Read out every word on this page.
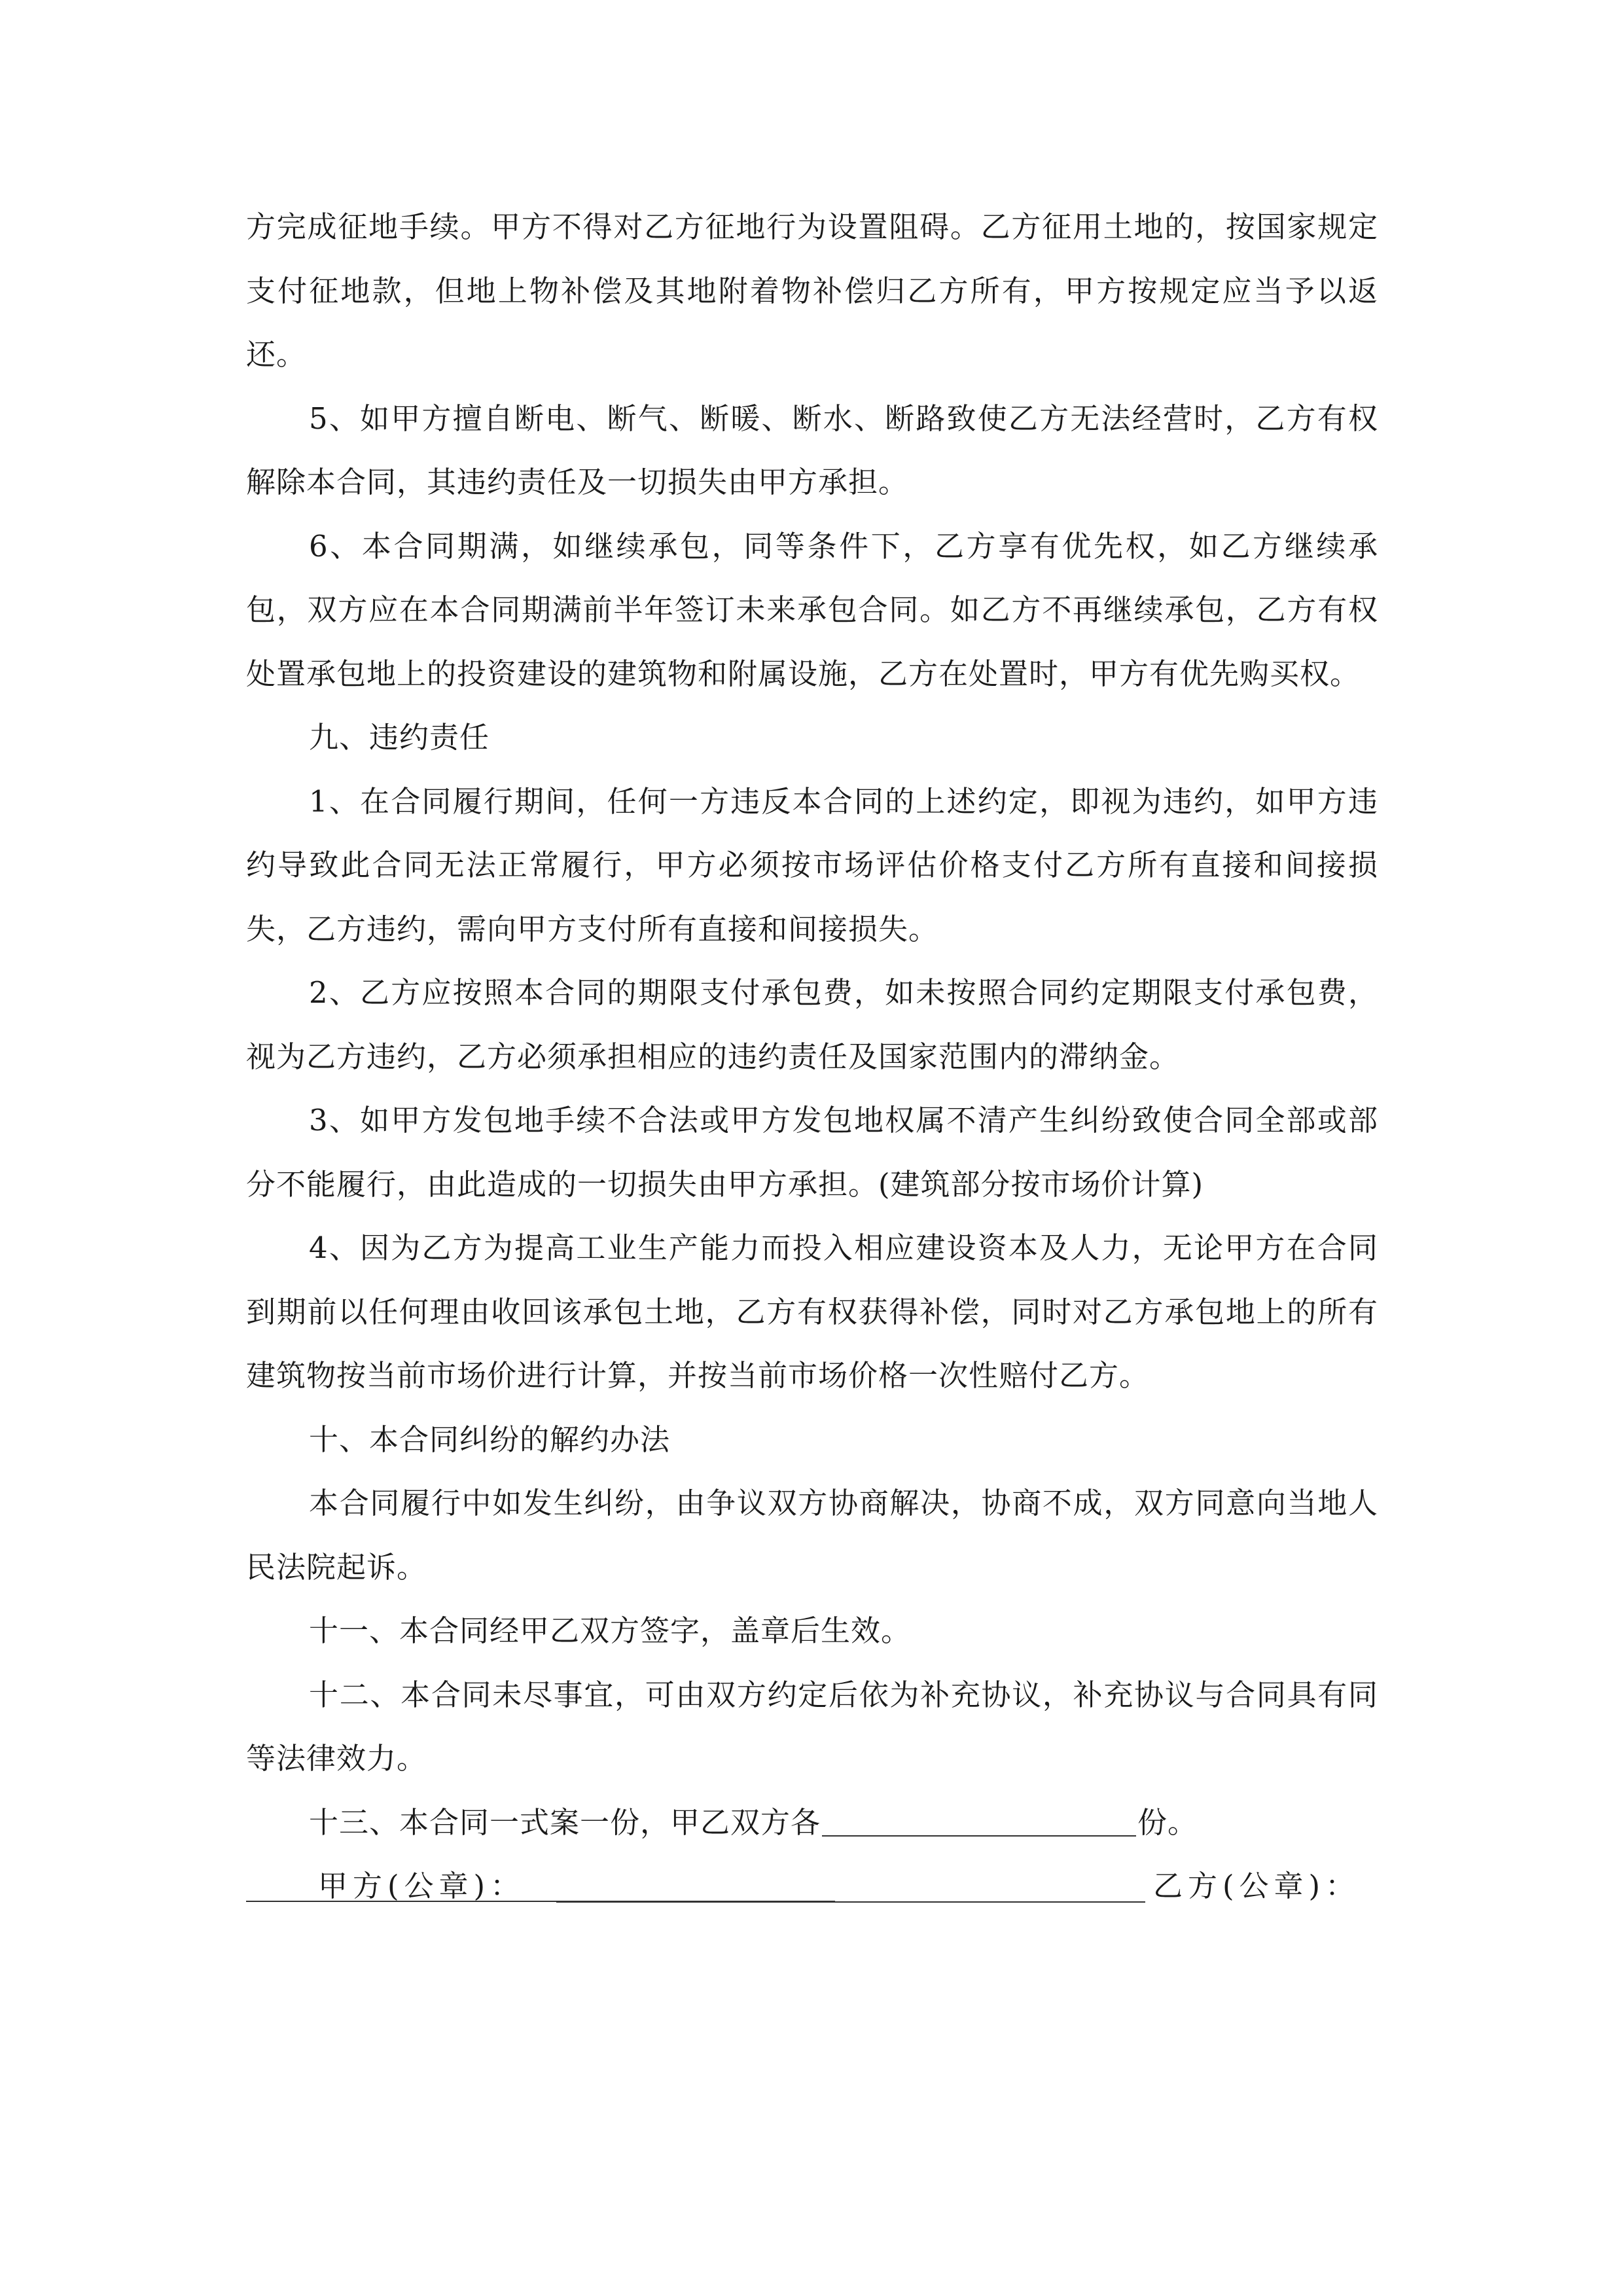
方完成征地手续。甲方不得对乙方征地行为设置阻碍。乙方征用土地的，按国家规定支付征地款，但地上物补偿及其地附着物补偿归乙方所有，甲方按规定应当予以返还。

5、如甲方擅自断电、断气、断暖、断水、断路致使乙方无法经营时，乙方有权解除本合同，其违约责任及一切损失由甲方承担。

6、本合同期满，如继续承包，同等条件下，乙方享有优先权，如乙方继续承包，双方应在本合同期满前半年签订未来承包合同。如乙方不再继续承包，乙方有权处置承包地上的投资建设的建筑物和附属设施，乙方在处置时，甲方有优先购买权。

九、违约责任

1、在合同履行期间，任何一方违反本合同的上述约定，即视为违约，如甲方违约导致此合同无法正常履行，甲方必须按市场评估价格支付乙方所有直接和间接损失，乙方违约，需向甲方支付所有直接和间接损失。

2、乙方应按照本合同的期限支付承包费，如未按照合同约定期限支付承包费，视为乙方违约，乙方必须承担相应的违约责任及国家范围内的滞纳金。

3、如甲方发包地手续不合法或甲方发包地权属不清产生纠纷致使合同全部或部分不能履行，由此造成的一切损失由甲方承担。(建筑部分按市场价计算)

4、因为乙方为提高工业生产能力而投入相应建设资本及人力，无论甲方在合同到期前以任何理由收回该承包土地，乙方有权获得补偿，同时对乙方承包地上的所有建筑物按当前市场价进行计算，并按当前市场价格一次性赔付乙方。

十、本合同纠纷的解约办法

本合同履行中如发生纠纷，由争议双方协商解决，协商不成，双方同意向当地人民法院起诉。

十一、本合同经甲乙双方签字，盖章后生效。

十二、本合同未尽事宜，可由双方约定后依为补充协议，补充协议与合同具有同等法律效力。

十三、本合同一式案一份，甲乙双方各	份。

甲方(公章)：	乙方(公章)：
